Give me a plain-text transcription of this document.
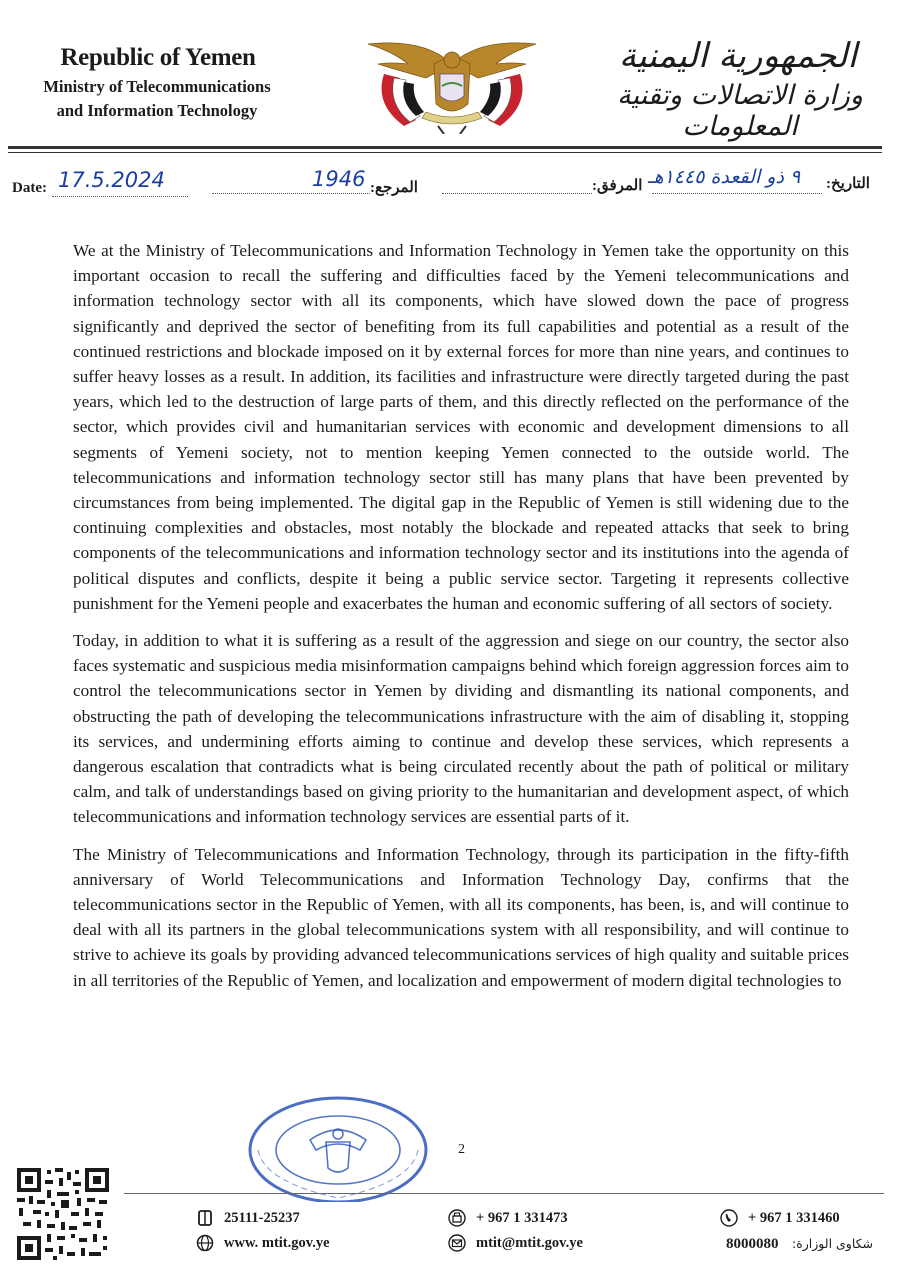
Republic of Yemen
Ministry of Telecommunications
and Information Technology
الجمهورية اليمنية
وزارة الاتصالات وتقنية المعلومات
Date: 17.5.2024	1946 المرجع:	المرفق: ٩ ذو القعدة ١٤٤٥هـ التاريخ:

We at the Ministry of Telecommunications and Information Technology in Yemen take the opportunity on this important occasion to recall the suffering and difficulties faced by the Yemeni telecommunications and information technology sector with all its components, which have slowed down the pace of progress significantly and deprived the sector of benefiting from its full capabilities and potential as a result of the continued restrictions and blockade imposed on it by external forces for more than nine years, and continues to suffer heavy losses as a result. In addition, its facilities and infrastructure were directly targeted during the past years, which led to the destruction of large parts of them, and this directly reflected on the performance of the sector, which provides civil and humanitarian services with economic and development dimensions to all segments of Yemeni society, not to mention keeping Yemen connected to the outside world. The telecommunications and information technology sector still has many plans that have been prevented by circumstances from being implemented. The digital gap in the Republic of Yemen is still widening due to the continuing complexities and obstacles, most notably the blockade and repeated attacks that seek to bring components of the telecommunications and information technology sector and its institutions into the agenda of political disputes and conflicts, despite it being a public service sector. Targeting it represents collective punishment for the Yemeni people and exacerbates the human and economic suffering of all sectors of society.

Today, in addition to what it is suffering as a result of the aggression and siege on our country, the sector also faces systematic and suspicious media misinformation campaigns behind which foreign aggression forces aim to control the telecommunications sector in Yemen by dividing and dismantling its national components, and obstructing the path of developing the telecommunications infrastructure with the aim of disabling it, stopping its services, and undermining efforts aiming to continue and develop these services, which represents a dangerous escalation that contradicts what is being circulated recently about the path of political or military calm, and talk of understandings based on giving priority to the humanitarian and development aspect, of which telecommunications and information technology services are essential parts of it.

The Ministry of Telecommunications and Information Technology, through its participation in the fifty-fifth anniversary of World Telecommunications and Information Technology Day, confirms that the telecommunications sector in the Republic of Yemen, with all its components, has been, is, and will continue to deal with all its partners in the global telecommunications system with all responsibility, and will continue to strive to achieve its goals by providing advanced telecommunications services of high quality and suitable prices in all territories of the Republic of Yemen, and localization and empowerment of modern digital technologies to

2
25111-25237
www. mtit.gov.ye
+ 967 1 331473
mtit@mtit.gov.ye
+ 967 1 331460
8000080 شكاوى الوزارة:
